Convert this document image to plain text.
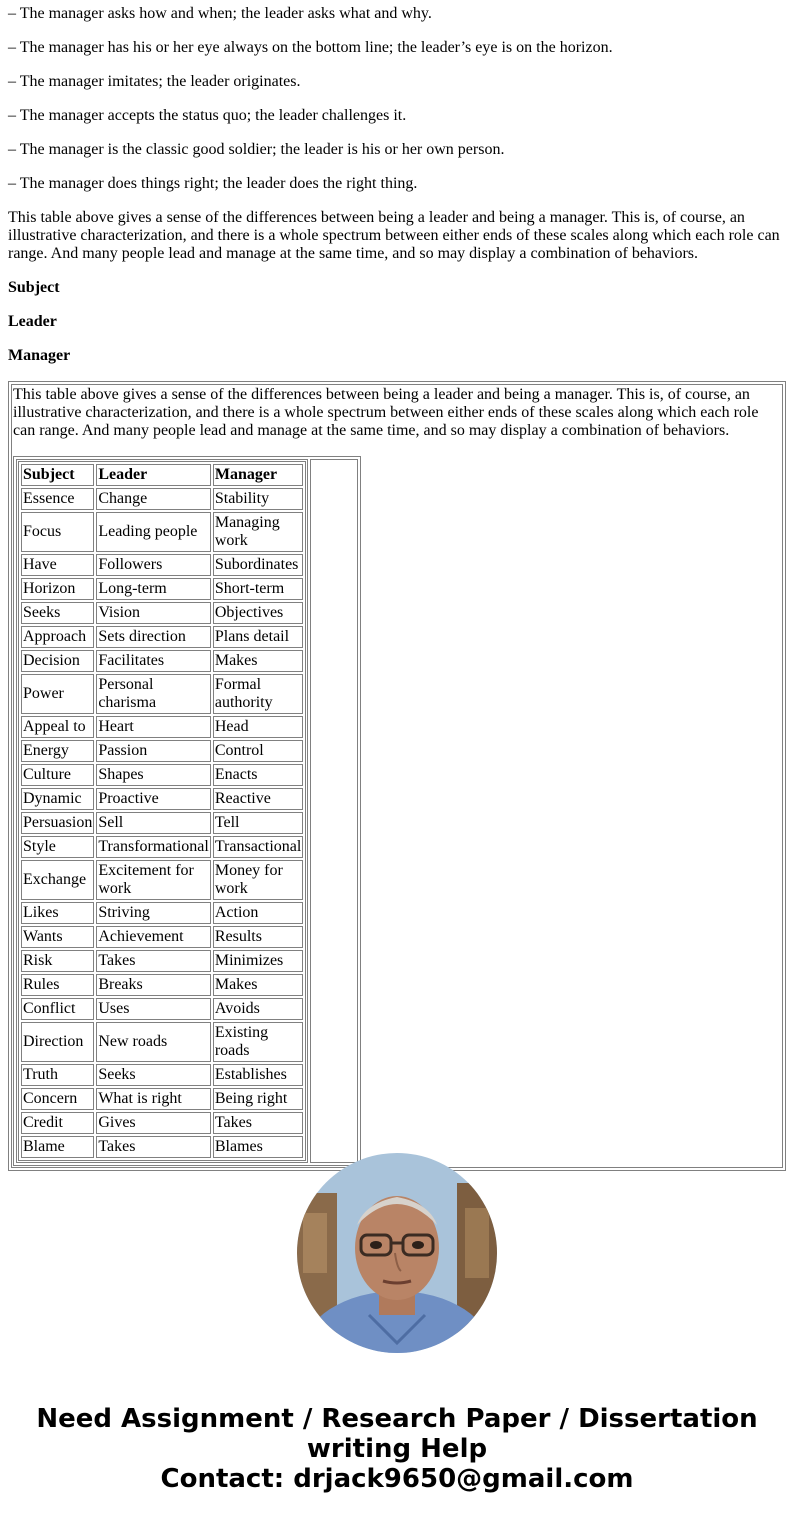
– The manager asks how and when; the leader asks what and why.

– The manager has his or her eye always on the bottom line; the leader’s eye is on the horizon.

– The manager imitates; the leader originates.

– The manager accepts the status quo; the leader challenges it.

– The manager is the classic good soldier; the leader is his or her own person.

– The manager does things right; the leader does the right thing.

This table above gives a sense of the differences between being a leader and being a manager. This is, of course, an illustrative characterization, and there is a whole spectrum between either ends of these scales along which each role can range. And many people lead and manage at the same time, and so may display a combination of behaviors.

Subject

Leader

Manager

This table above gives a sense of the differences between being a leader and being a manager. This is, of course, an illustrative characterization, and there is a whole spectrum between either ends of these scales along which each role can range. And many people lead and manage at the same time, and so may display a combination of behaviors.
Subject	Leader	Manager
Essence	Change	Stability
Focus	Leading people	Managing work
Have	Followers	Subordinates
Horizon	Long-term	Short-term
Seeks	Vision	Objectives
Approach	Sets direction	Plans detail
Decision	Facilitates	Makes
Power	Personal charisma	Formal authority
Appeal to	Heart	Head
Energy	Passion	Control
Culture	Shapes	Enacts
Dynamic	Proactive	Reactive
Persuasion	Sell	Tell
Style	Transformational	Transactional
Exchange	Excitement for work	Money for work
Likes	Striving	Action
Wants	Achievement	Results
Risk	Takes	Minimizes
Rules	Breaks	Makes
Conflict	Uses	Avoids
Direction	New roads	Existing roads
Truth	Seeks	Establishes
Concern	What is right	Being right
Credit	Gives	Takes
Blame	Takes	Blames

Need Assignment / Research Paper / Dissertation writing Help
Contact: drjack9650@gmail.com
